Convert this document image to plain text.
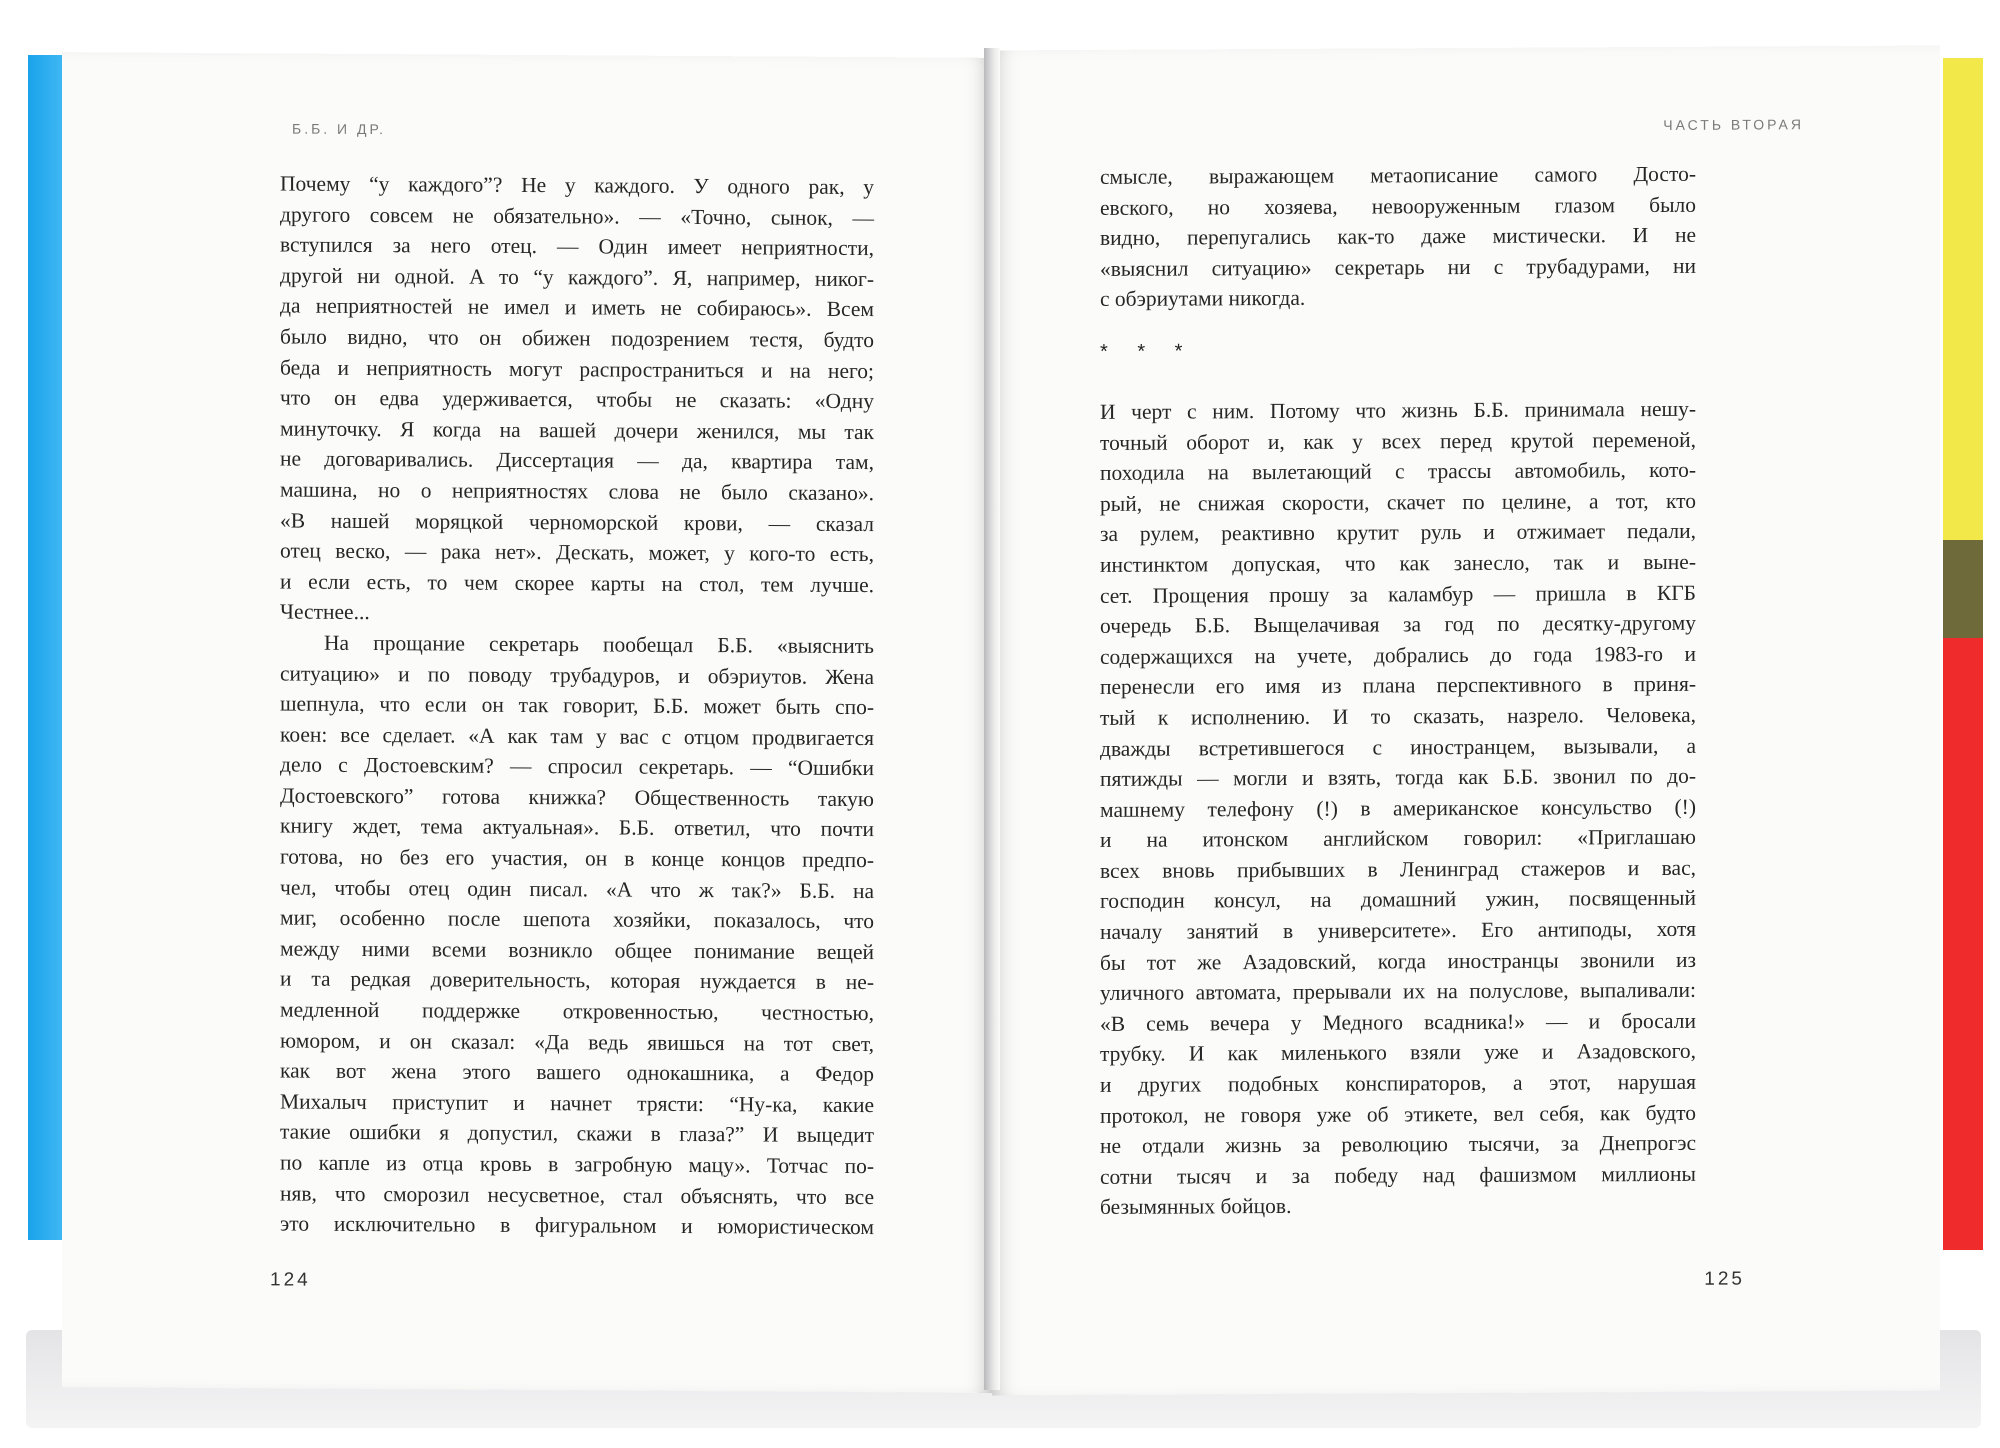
Б.Б. И ДР.
Почему “у каждого”? Не у каждого. У одного рак, у
другого совсем не обязательно». — «Точно, сынок, —
вступился за него отец. — Один имеет неприятности,
другой ни одной. А то “у каждого”. Я, например, никог-
да неприятностей не имел и иметь не собираюсь». Всем
было видно, что он обижен подозрением тестя, будто
беда и неприятность могут распространиться и на него;
что он едва удерживается, чтобы не сказать: «Одну
минуточку. Я когда на вашей дочери женился, мы так
не договаривались. Диссертация — да, квартира там,
машина, но о неприятностях слова не было сказано».
«В нашей моряцкой черноморской крови, — сказал
отец веско, — рака нет». Дескать, может, у кого-то есть,
и если есть, то чем скорее карты на стол, тем лучше.
Честнее...
На прощание секретарь пообещал Б.Б. «выяснить
ситуацию» и по поводу трубадуров, и обэриутов. Жена
шепнула, что если он так говорит, Б.Б. может быть спо-
коен: все сделает. «А как там у вас с отцом продвигается
дело с Достоевским? — спросил секретарь. — “Ошибки
Достоевского” готова книжка? Общественность такую
книгу ждет, тема актуальная». Б.Б. ответил, что почти
готова, но без его участия, он в конце концов предпо-
чел, чтобы отец один писал. «А что ж так?» Б.Б. на
миг, особенно после шепота хозяйки, показалось, что
между ними всеми возникло общее понимание вещей
и та редкая доверительность, которая нуждается в не-
медленной поддержке откровенностью, честностью,
юмором, и он сказал: «Да ведь явишься на тот свет,
как вот жена этого вашего однокашника, а Федор
Михалыч приступит и начнет трясти: “Ну-ка, какие
такие ошибки я допустил, скажи в глаза?” И выцедит
по капле из отца кровь в загробную мацу». Тотчас по-
няв, что сморозил несусветное, стал объяснять, что все
это исключительно в фигуральном и юмористическом
124
ЧАСТЬ ВТОРАЯ
смысле, выражающем метаописание самого Досто-
евского, но хозяева, невооруженным глазом было
видно, перепугались как-то даже мистически. И не
«выяснил ситуацию» секретарь ни с трубадурами, ни
с обэриутами никогда.
* * *
И черт с ним. Потому что жизнь Б.Б. принимала нешу-
точный оборот и, как у всех перед крутой переменой,
походила на вылетающий с трассы автомобиль, кото-
рый, не снижая скорости, скачет по целине, а тот, кто
за рулем, реактивно крутит руль и отжимает педали,
инстинктом допуская, что как занесло, так и выне-
сет. Прощения прошу за каламбур — пришла в КГБ
очередь Б.Б. Выщелачивая за год по десятку-другому
содержащихся на учете, добрались до года 1983-го и
перенесли его имя из плана перспективного в приня-
тый к исполнению. И то сказать, назрело. Человека,
дважды встретившегося с иностранцем, вызывали, а
пятижды — могли и взять, тогда как Б.Б. звонил по до-
машнему телефону (!) в американское консульство (!)
и на итонском английском говорил: «Приглашаю
всех вновь прибывших в Ленинград стажеров и вас,
господин консул, на домашний ужин, посвященный
началу занятий в университете». Его антиподы, хотя
бы тот же Азадовский, когда иностранцы звонили из
уличного автомата, прерывали их на полуслове, выпаливали:
«В семь вечера у Медного всадника!» — и бросали
трубку. И как миленького взяли уже и Азадовского,
и других подобных конспираторов, а этот, нарушая
протокол, не говоря уже об этикете, вел себя, как будто
не отдали жизнь за революцию тысячи, за Днепрогэс
сотни тысяч и за победу над фашизмом миллионы
безымянных бойцов.
125
